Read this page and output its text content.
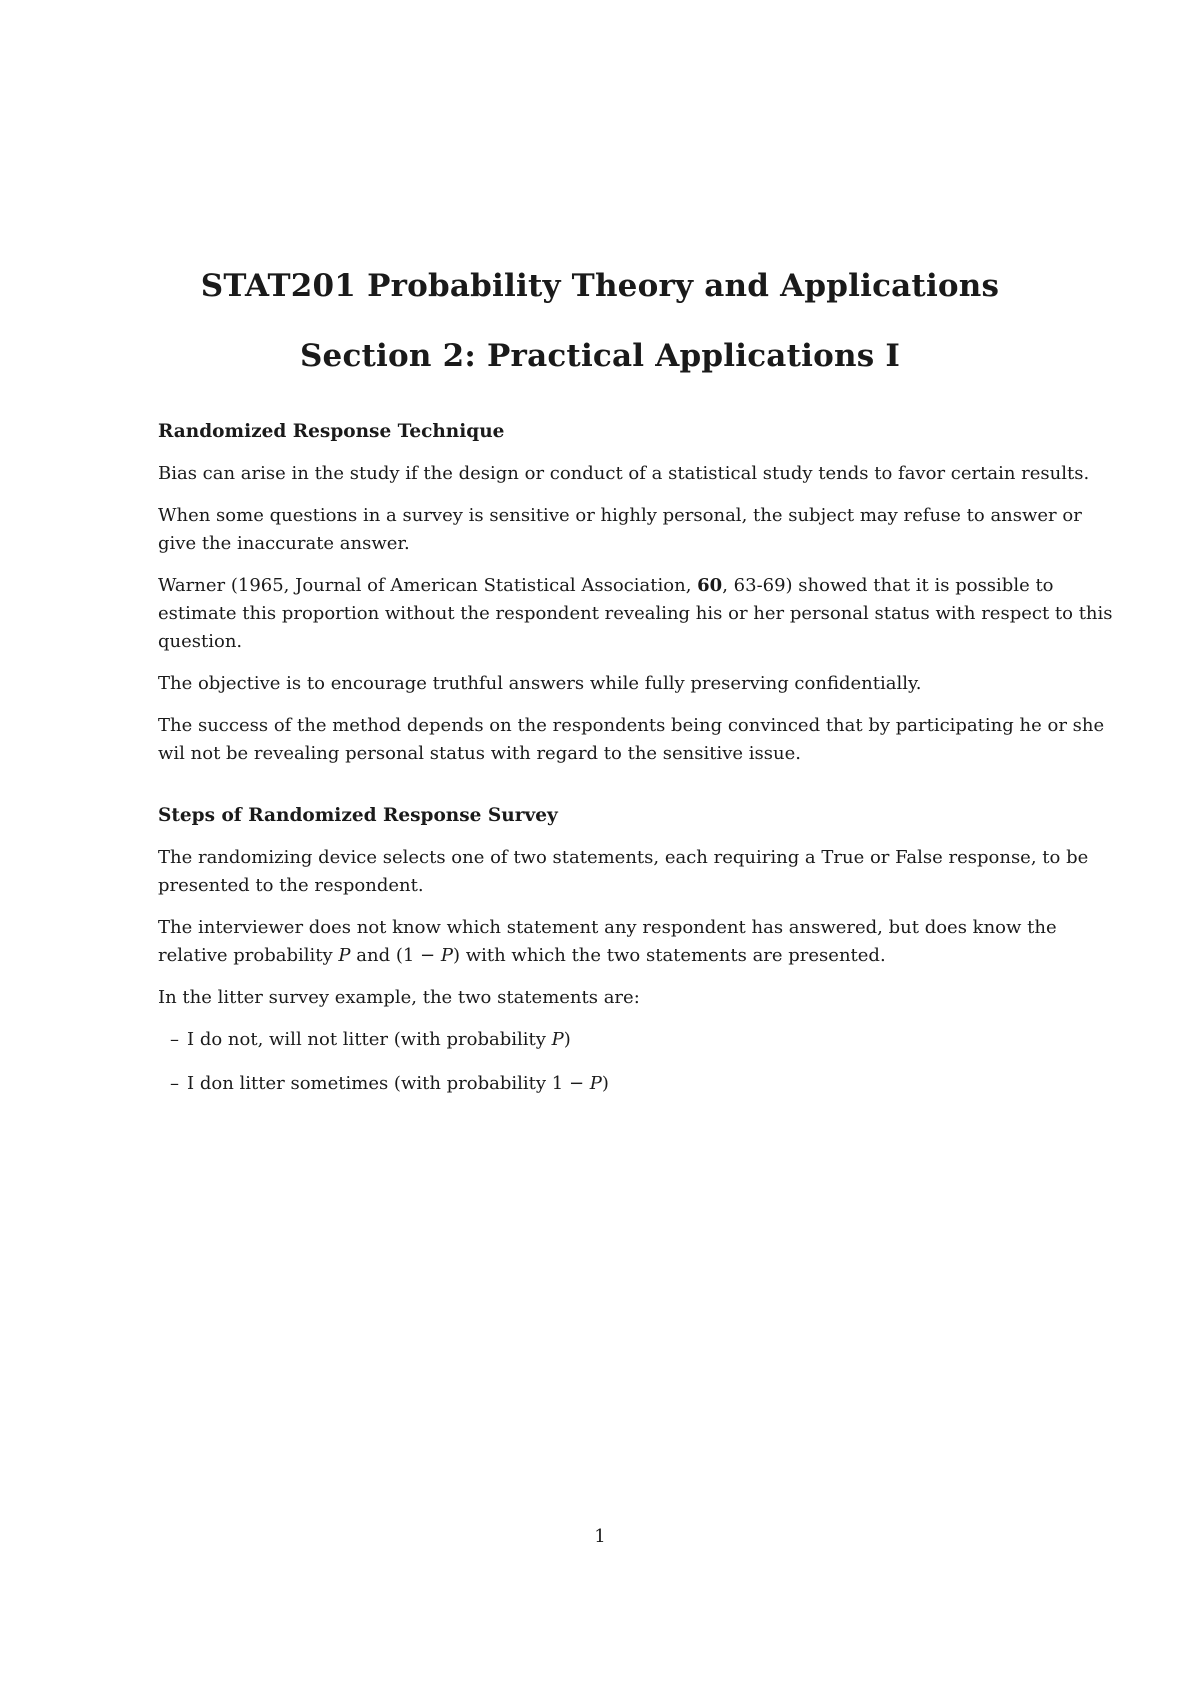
STAT201 Probability Theory and Applications
Section 2: Practical Applications I
Randomized Response Technique

Bias can arise in the study if the design or conduct of a statistical study tends to favor certain results.

When some questions in a survey is sensitive or highly personal, the subject may refuse to answer or give the inaccurate answer.

Warner (1965, Journal of American Statistical Association, 60, 63-69) showed that it is possible to estimate this proportion without the respondent revealing his or her personal status with respect to this question.

The objective is to encourage truthful answers while fully preserving confidentially.

The success of the method depends on the respondents being convinced that by participating he or she wil not be revealing personal status with regard to the sensitive issue.

Steps of Randomized Response Survey

The randomizing device selects one of two statements, each requiring a True or False response, to be presented to the respondent.

The interviewer does not know which statement any respondent has answered, but does know the relative probability P and (1 − P) with which the two statements are presented.

In the litter survey example, the two statements are:

– I do not, will not litter (with probability P)
– I don litter sometimes (with probability 1 − P)
1
